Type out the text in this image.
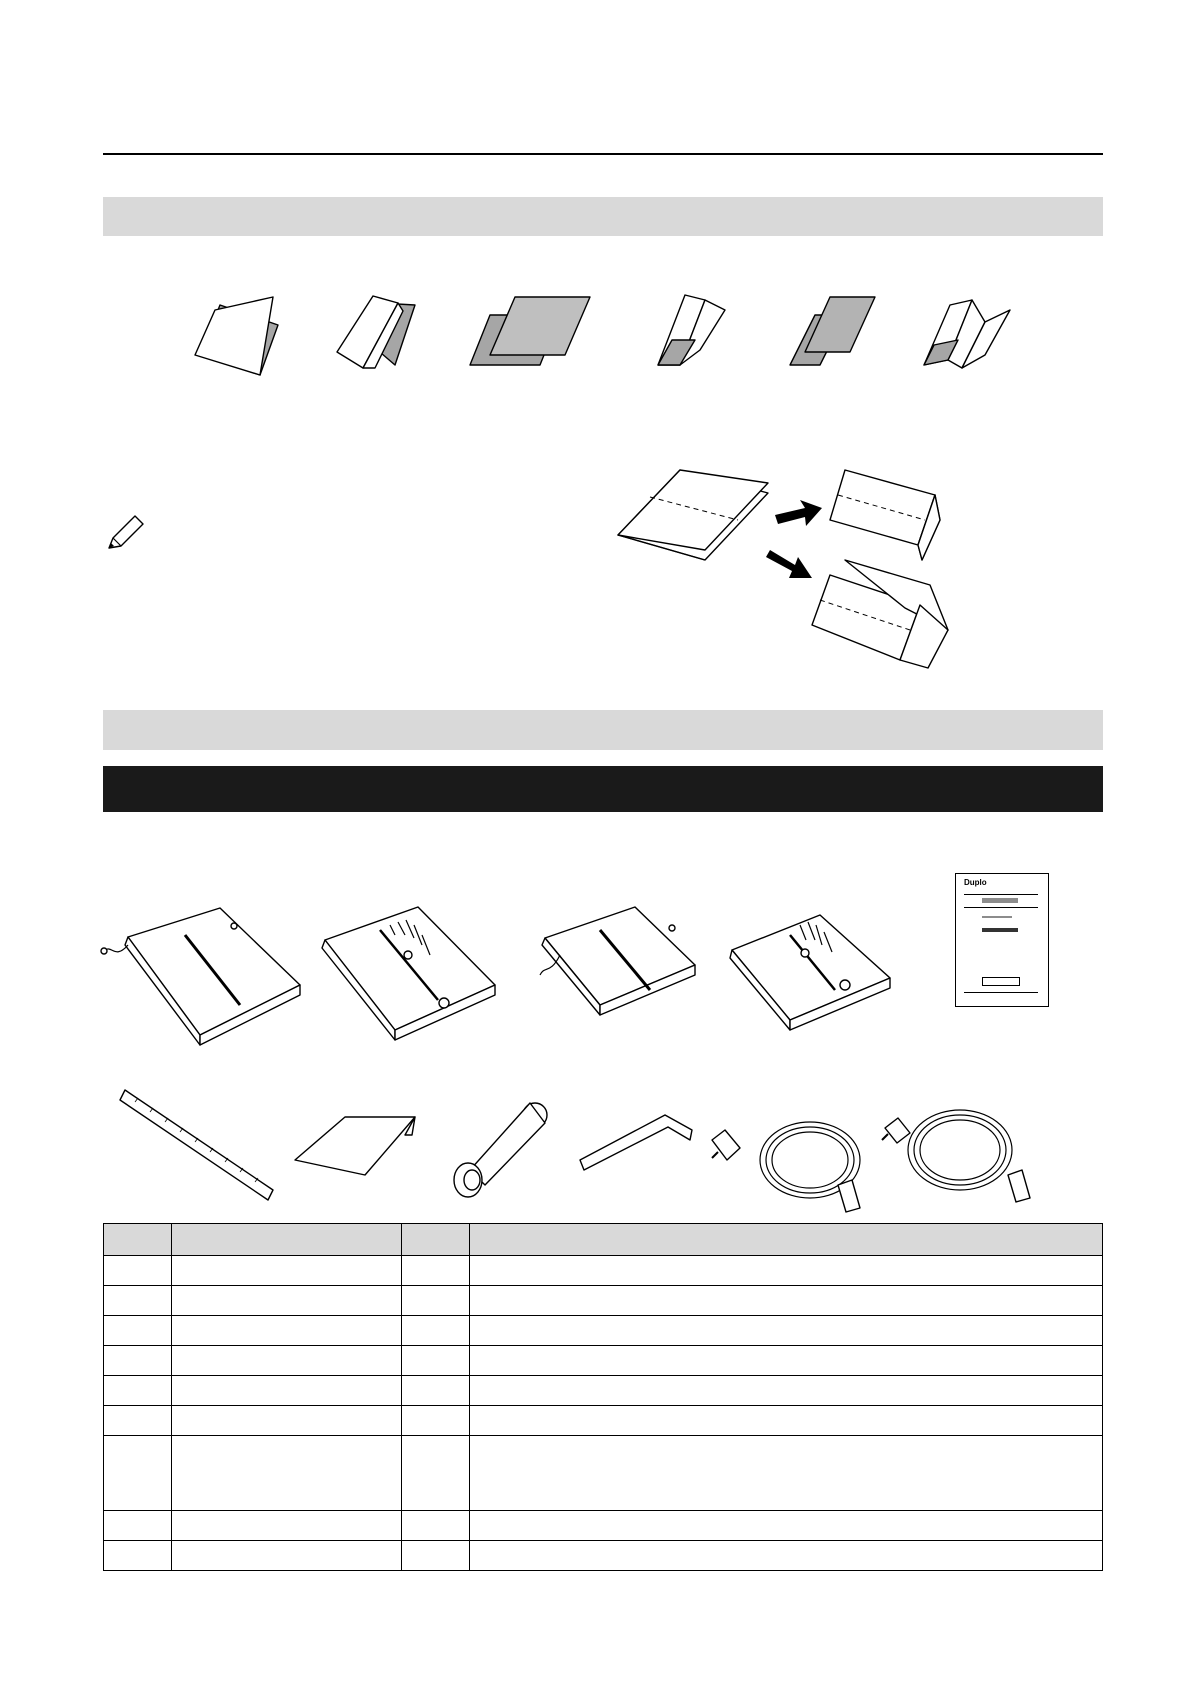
Duplo
